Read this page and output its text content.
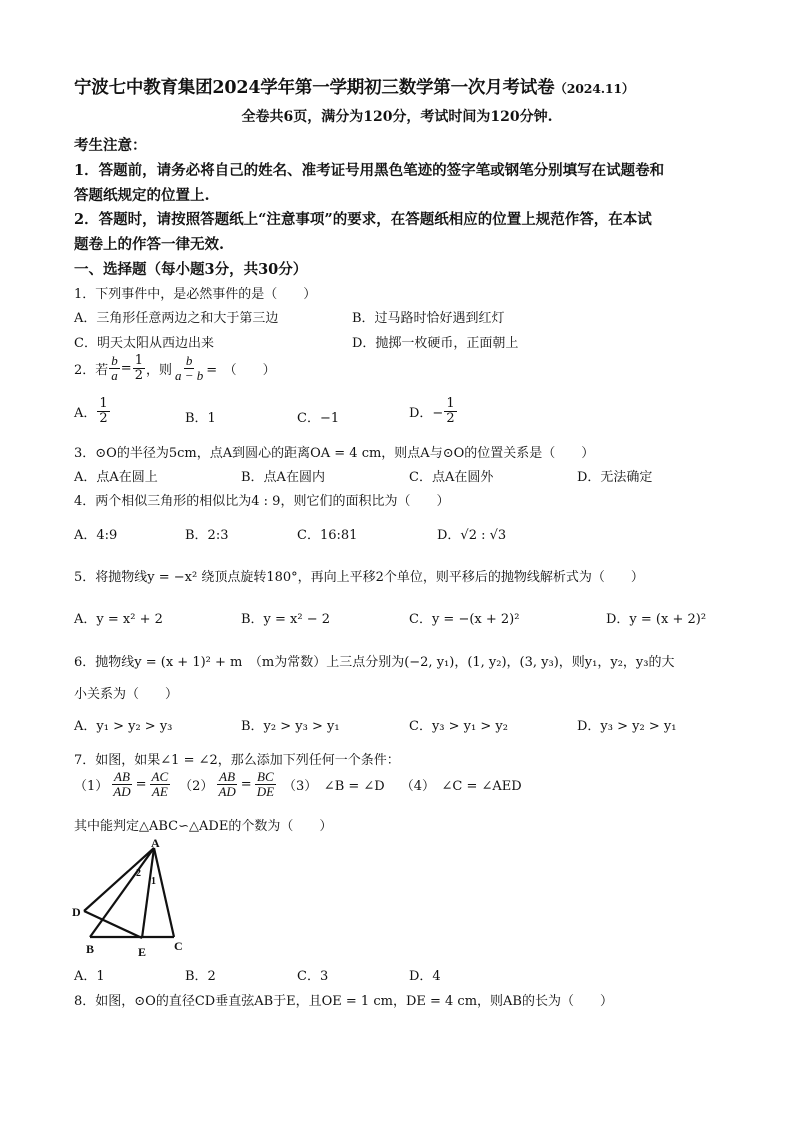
宁波七中教育集团2024学年第一学期初三数学第一次月考试卷（2024.11）
全卷共6页，满分为120分，考试时间为120分钟.
考生注意：
1．答题前，请务必将自己的姓名、准考证号用黑色笔迹的签字笔或钢笔分别填写在试题卷和
答题纸规定的位置上.
2．答题时，请按照答题纸上“注意事项”的要求，在答题纸相应的位置上规范作答，在本试
题卷上的作答一律无效.
一、选择题（每小题3分，共30分）
1．下列事件中，是必然事件的是（　　）
A．三角形任意两边之和大于第三边	B．过马路时恰好遇到红灯
C．明天太阳从西边出来	D．抛掷一枚硬币，正面朝上
2．若 $\frac{b}{a} = \frac{1}{2}$ ，则 $\frac{b}{a - b}$ =　（　　）
A． $\frac{1}{2}$	B．1	C．−1	D．− $\frac{1}{2}$
3．⊙O的半径为5cm，点A到圆心的距离OA = 4 cm，则点A与⊙O的位置关系是（　　）
A．点A在圆上	B．点A在圆内	C．点A在圆外	D．无法确定
4．两个相似三角形的相似比为4 : 9，则它们的面积比为（　　）
A．4:9	B．2:3	C．16:81	D．√2 : √3
5．将抛物线y = −x² 绕顶点旋转180°，再向上平移2个单位，则平移后的抛物线解析式为（　　）
A．y = x² + 2	B．y = x² − 2	C．y = −(x + 2)²	D．y = (x + 2)²
6．抛物线y = (x + 1)² + m　（m为常数）上三点分别为(−2, y₁)，(1, y₂)，(3, y₃)，则y₁，y₂，y₃的大
小关系为（　　）
A．y₁ > y₂ > y₃	B．y₂ > y₃ > y₁	C．y₃ > y₁ > y₂	D．y₃ > y₂ > y₁
7．如图，如果∠1 = ∠2，那么添加下列任何一个条件：
$(1) \frac{AB}{AD} = \frac{AC}{AE} (2) \frac{AB}{AD} = \frac{BC}{DE} (3)$　∠B = ∠D （4）　∠C = ∠AED
其中能判定△ABC∽△ADE的个数为（　　）
A
D
B	E C
1
2
A．1	B．2	C．3	D．4
8．如图，⊙O的直径CD垂直弦AB于E，且OE = 1 cm，DE = 4 cm，则AB的长为（　　）
